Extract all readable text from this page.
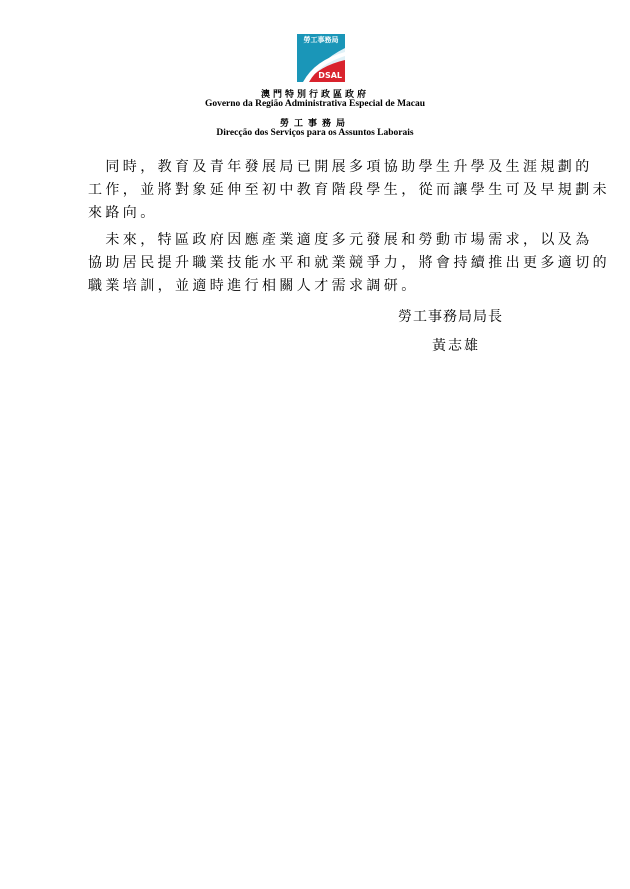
勞工事務局
DSAL
澳門特別行政區政府
Governo da Região Administrativa Especial de Macau
勞工事務局
Direcção dos Serviços para os Assuntos Laborais
　同時，教育及青年發展局已開展多項協助學生升學及生涯規劃的
工作，並將對象延伸至初中教育階段學生，從而讓學生可及早規劃未
來路向。
　未來，特區政府因應產業適度多元發展和勞動市場需求，以及為
協助居民提升職業技能水平和就業競爭力，將會持續推出更多適切的
職業培訓，並適時進行相關人才需求調研。
勞工事務局局長
黃志雄
